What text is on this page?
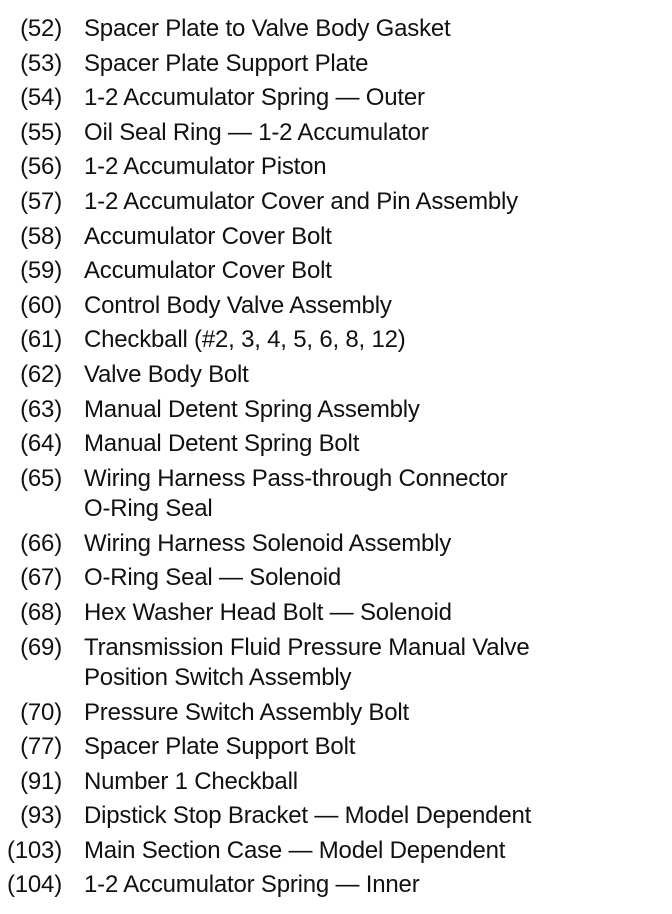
(52) Spacer Plate to Valve Body Gasket
(53) Spacer Plate Support Plate
(54) 1-2 Accumulator Spring — Outer
(55) Oil Seal Ring — 1-2 Accumulator
(56) 1-2 Accumulator Piston
(57) 1-2 Accumulator Cover and Pin Assembly
(58) Accumulator Cover Bolt
(59) Accumulator Cover Bolt
(60) Control Body Valve Assembly
(61) Checkball (#2, 3, 4, 5, 6, 8, 12)
(62) Valve Body Bolt
(63) Manual Detent Spring Assembly
(64) Manual Detent Spring Bolt
(65) Wiring Harness Pass-through Connector
O-Ring Seal
(66) Wiring Harness Solenoid Assembly
(67) O-Ring Seal — Solenoid
(68) Hex Washer Head Bolt — Solenoid
(69) Transmission Fluid Pressure Manual Valve
Position Switch Assembly
(70) Pressure Switch Assembly Bolt
(77) Spacer Plate Support Bolt
(91) Number 1 Checkball
(93) Dipstick Stop Bracket — Model Dependent
(103) Main Section Case — Model Dependent
(104) 1-2 Accumulator Spring — Inner
